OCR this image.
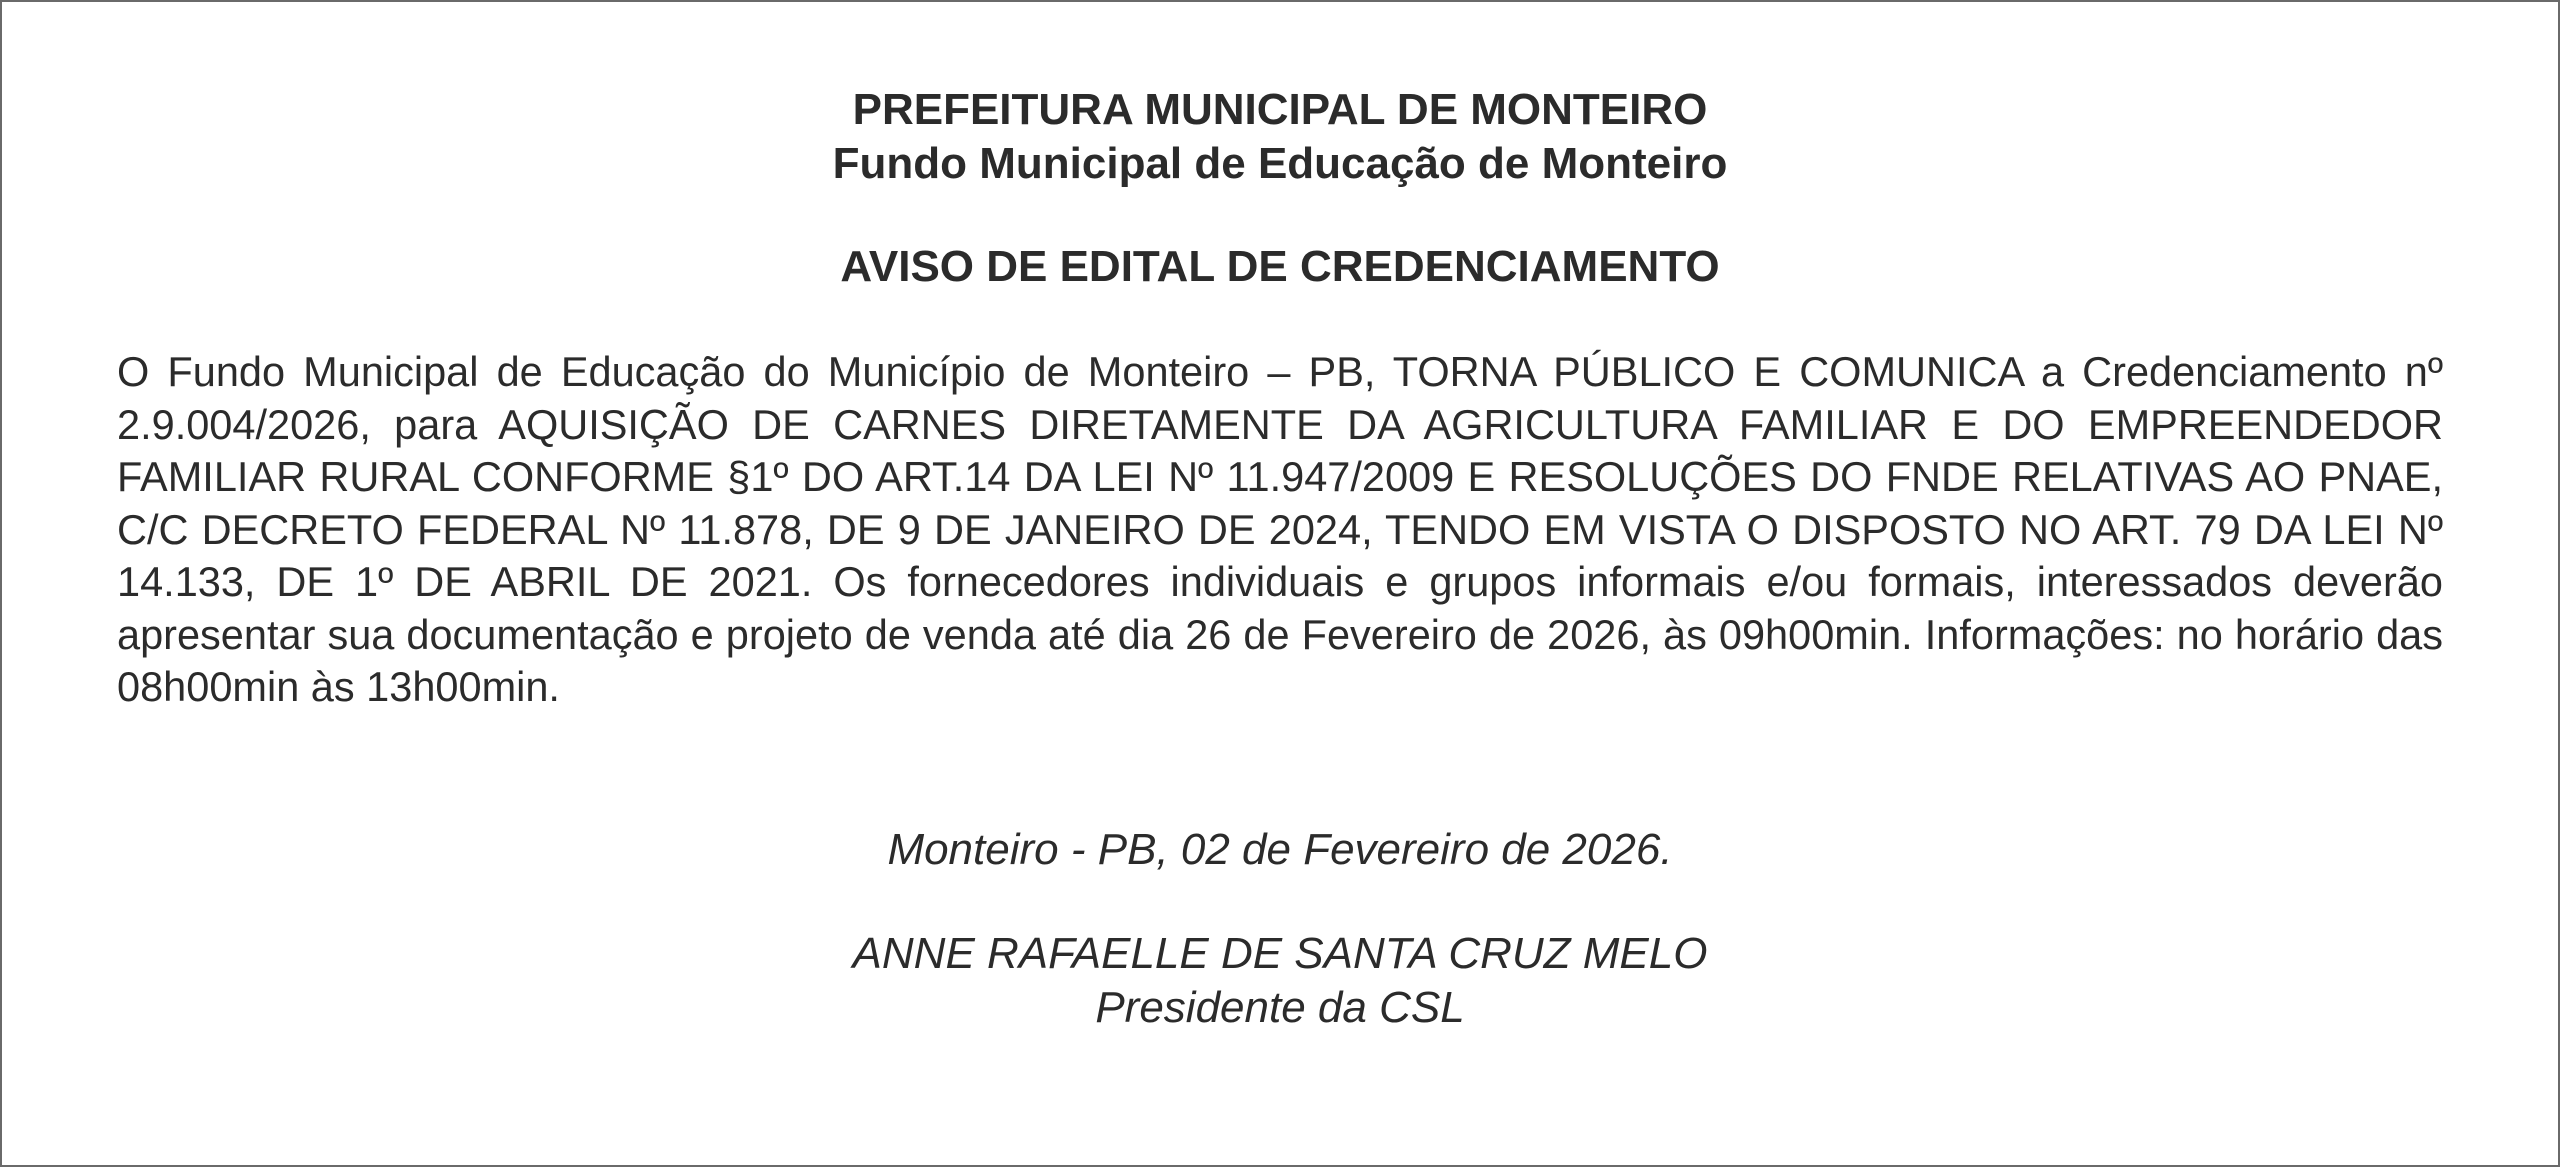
PREFEITURA MUNICIPAL DE MONTEIRO
Fundo Municipal de Educação de Monteiro
AVISO DE EDITAL DE CREDENCIAMENTO

O Fundo Municipal de Educação do Município de Monteiro – PB, TORNA PÚBLICO E COMUNICA a Credenciamento nº 2.9.004/2026, para AQUISIÇÃO DE CARNES DIRETAMENTE DA AGRICULTURA FAMILIAR E DO EMPREENDEDOR FAMILIAR RURAL CONFORME §1º DO ART.14 DA LEI Nº 11.947/2009 E RESOLUÇÕES DO FNDE RELATIVAS AO PNAE, C/C DECRETO FEDERAL Nº 11.878, DE 9 DE JANEIRO DE 2024, TENDO EM VISTA O DISPOSTO NO ART. 79 DA LEI Nº 14.133, DE 1º DE ABRIL DE 2021. Os fornecedores individuais e grupos informais e/ou formais, interessados deverão apresentar sua documentação e projeto de venda até dia 26 de Fevereiro de 2026, às 09h00min. Informações: no horário das 08h00min às 13h00min.

Monteiro - PB, 02 de Fevereiro de 2026.
ANNE RAFAELLE DE SANTA CRUZ MELO
Presidente da CSL
